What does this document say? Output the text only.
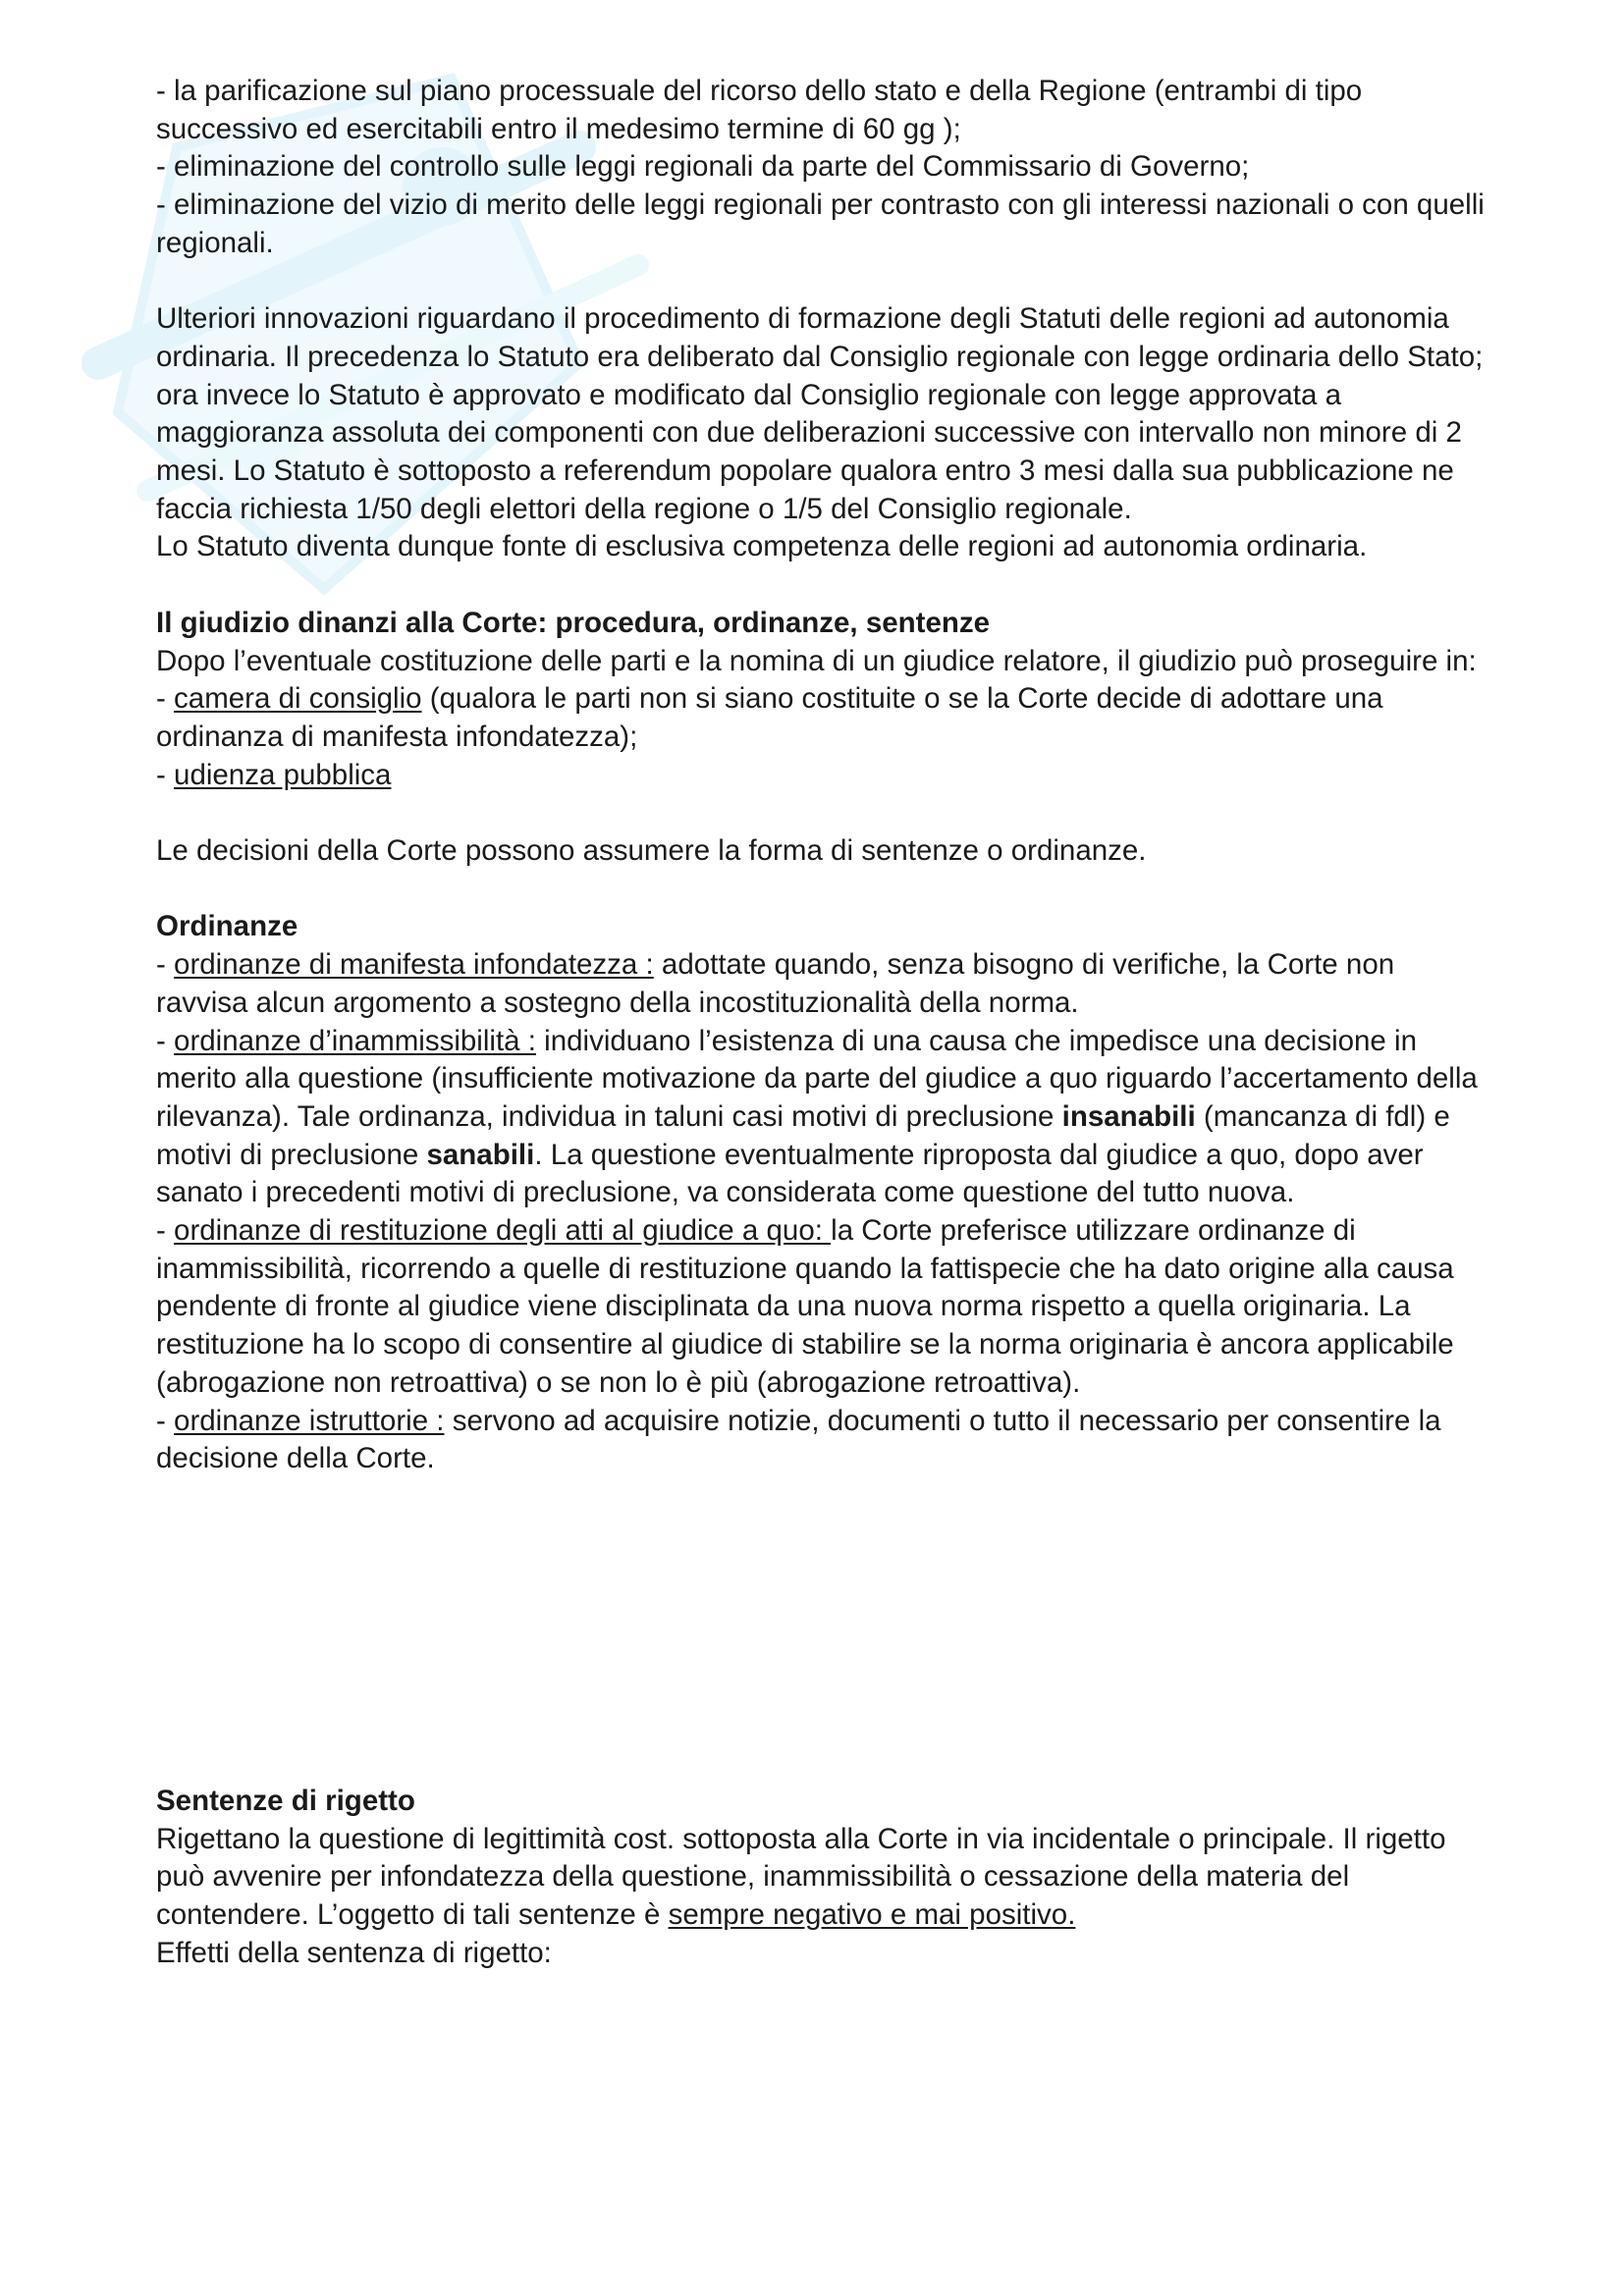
- la parificazione sul piano processuale del ricorso dello stato e della Regione (entrambi di tipo successivo ed esercitabili entro il medesimo termine di 60 gg );

- eliminazione del controllo sulle leggi regionali da parte del Commissario di Governo;

- eliminazione del vizio di merito delle leggi regionali per contrasto con gli interessi nazionali o con quelli regionali.

Ulteriori innovazioni riguardano il procedimento di formazione degli Statuti delle regioni ad autonomia ordinaria. Il precedenza lo Statuto era deliberato dal Consiglio regionale con legge ordinaria dello Stato; ora invece lo Statuto è approvato e modificato dal Consiglio regionale con legge approvata a maggioranza assoluta dei componenti con due deliberazioni successive con intervallo non minore di 2 mesi. Lo Statuto è sottoposto a referendum popolare qualora entro 3 mesi dalla sua pubblicazione ne faccia richiesta 1/50 degli elettori della regione o 1/5 del Consiglio regionale.

Lo Statuto diventa dunque fonte di esclusiva competenza delle regioni ad autonomia ordinaria.

Il giudizio dinanzi alla Corte: procedura, ordinanze, sentenze

Dopo l’eventuale costituzione delle parti e la nomina di un giudice relatore, il giudizio può proseguire in:

- camera di consiglio (qualora le parti non si siano costituite o se la Corte decide di adottare una ordinanza di manifesta infondatezza);

- udienza pubblica

Le decisioni della Corte possono assumere la forma di sentenze o ordinanze.

Ordinanze

- ordinanze di manifesta infondatezza : adottate quando, senza bisogno di verifiche, la Corte non ravvisa alcun argomento a sostegno della incostituzionalità della norma.

- ordinanze d’inammissibilità : individuano l’esistenza di una causa che impedisce una decisione in merito alla questione (insufficiente motivazione da parte del giudice a quo riguardo l’accertamento della rilevanza). Tale ordinanza, individua in taluni casi motivi di preclusione insanabili (mancanza di fdl) e motivi di preclusione sanabili. La questione eventualmente riproposta dal giudice a quo, dopo aver sanato i precedenti motivi di preclusione, va considerata come questione del tutto nuova.

- ordinanze di restituzione degli atti al giudice a quo: la Corte preferisce utilizzare ordinanze di inammissibilità, ricorrendo a quelle di restituzione quando la fattispecie che ha dato origine alla causa pendente di fronte al giudice viene disciplinata da una nuova norma rispetto a quella originaria. La restituzione ha lo scopo di consentire al giudice di stabilire se la norma originaria è ancora applicabile (abrogazione non retroattiva) o se non lo è più (abrogazione retroattiva).

- ordinanze istruttorie : servono ad acquisire notizie, documenti o tutto il necessario per consentire la decisione della Corte.

Sentenze di rigetto

Rigettano la questione di legittimità cost. sottoposta alla Corte in via incidentale o principale. Il rigetto può avvenire per infondatezza della questione, inammissibilità o cessazione della materia del contendere. L’oggetto di tali sentenze è sempre negativo e mai positivo.

Effetti della sentenza di rigetto:
